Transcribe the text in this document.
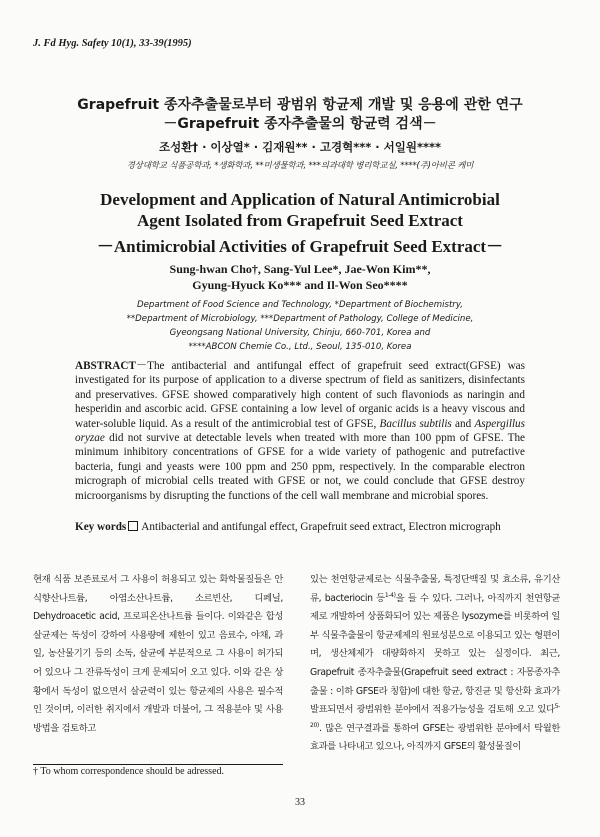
J. Fd Hyg. Safety 10(1), 33-39(1995)
Grapefruit 종자추출물로부터 광범위 항균제 개발 및 응용에 관한 연구
－Grapefruit 종자추출물의 항균력 검색－
조성환† · 이상열* · 김재원** · 고경혁*** · 서일원****
경상대학교 식품공학과, *생화학과, **미생물학과, ***의과대학 병리학교실, ****(주)아비콘 케미
Development and Application of Natural Antimicrobial
Agent Isolated from Grapefruit Seed Extract
－Antimicrobial Activities of Grapefruit Seed Extract－
Sung-hwan Cho†, Sang-Yul Lee*, Jae-Won Kim**,
Gyung-Hyuck Ko*** and Il-Won Seo****
Department of Food Science and Technology, *Department of Biochemistry,
**Department of Microbiology, ***Department of Pathology, College of Medicine,
Gyeongsang National University, Chinju, 660-701, Korea and
****ABCON Chemie Co., Ltd., Seoul, 135-010, Korea
ABSTRACT－The antibacterial and antifungal effect of grapefruit seed extract(GFSE) was investigated for its purpose of application to a diverse spectrum of field as sanitizers, disinfectants and preservatives. GFSE showed comparatively high content of such flavoniods as naringin and hesperidin and ascorbic acid. GFSE containing a low level of organic acids is a heavy viscous and water-soluble liquid. As a result of the antimicrobial test of GFSE, Bacillus subtilis and Aspergillus oryzae did not survive at detectable levels when treated with more than 100 ppm of GFSE. The minimum inhibitory concentrations of GFSE for a wide variety of pathogenic and putrefactive bacteria, fungi and yeasts were 100 ppm and 250 ppm, respectively. In the comparable electron micrograph of microbial cells treated with GFSE or not, we could conclude that GFSE destroy microorganisms by disrupting the functions of the cell wall membrane and microbial spores.
Key words Antibacterial and antifungal effect, Grapefruit seed extract, Electron micrograph
현재 식품 보존료로서 그 사용이 허용되고 있는 화학물질들은 안식향산나트륨, 아염소산나트륨, 소르빈산, 디페닐, Dehydroacetic acid, 프로피온산나트륨 들이다. 이와같은 합성살균제는 독성이 강하여 사용량에 제한이 있고 음료수, 야채, 과일, 농산물기기 등의 소독, 살균에 부분적으로 그 사용이 허가되어 있으나 그 잔류독성이 크게 문제되어 오고 있다. 이와 같은 상황에서 독성이 없으면서 살균력이 있는 항균제의 사용은 필수적인 것이며, 이러한 취지에서 개발과 더불어, 그 적용분야 및 사용방법을 검토하고
있는 천연항균제로는 식물추출물, 특정단백질 및 효소류, 유기산류, bacteriocin 등$^{1-4)}$을 들 수 있다. 그러나, 아직까지 천연항균제로 개발하여 상품화되어 있는 제품은 lysozyme를 비롯하여 일부 식물추출물이 항균제제의 원료성분으로 이용되고 있는 형편이며, 생산체제가 대량화하지 못하고 있는 실정이다. 최근, Grapefruit 종자추출물(Grapefruit seed extract : 자몽종자추출물 : 이하 GFSE라 칭함)에 대한 항균, 항진균 및 항산화 효과가 발표되면서 광범위한 분야에서 적용가능성을 검토해 오고 있다$^{5-20)}$. 많은 연구결과를 통하여 GFSE는 광범위한 분야에서 탁월한 효과를 나타내고 있으나, 아직까지 GFSE의 활성물질이
† To whom correspondence should be adressed.
33
